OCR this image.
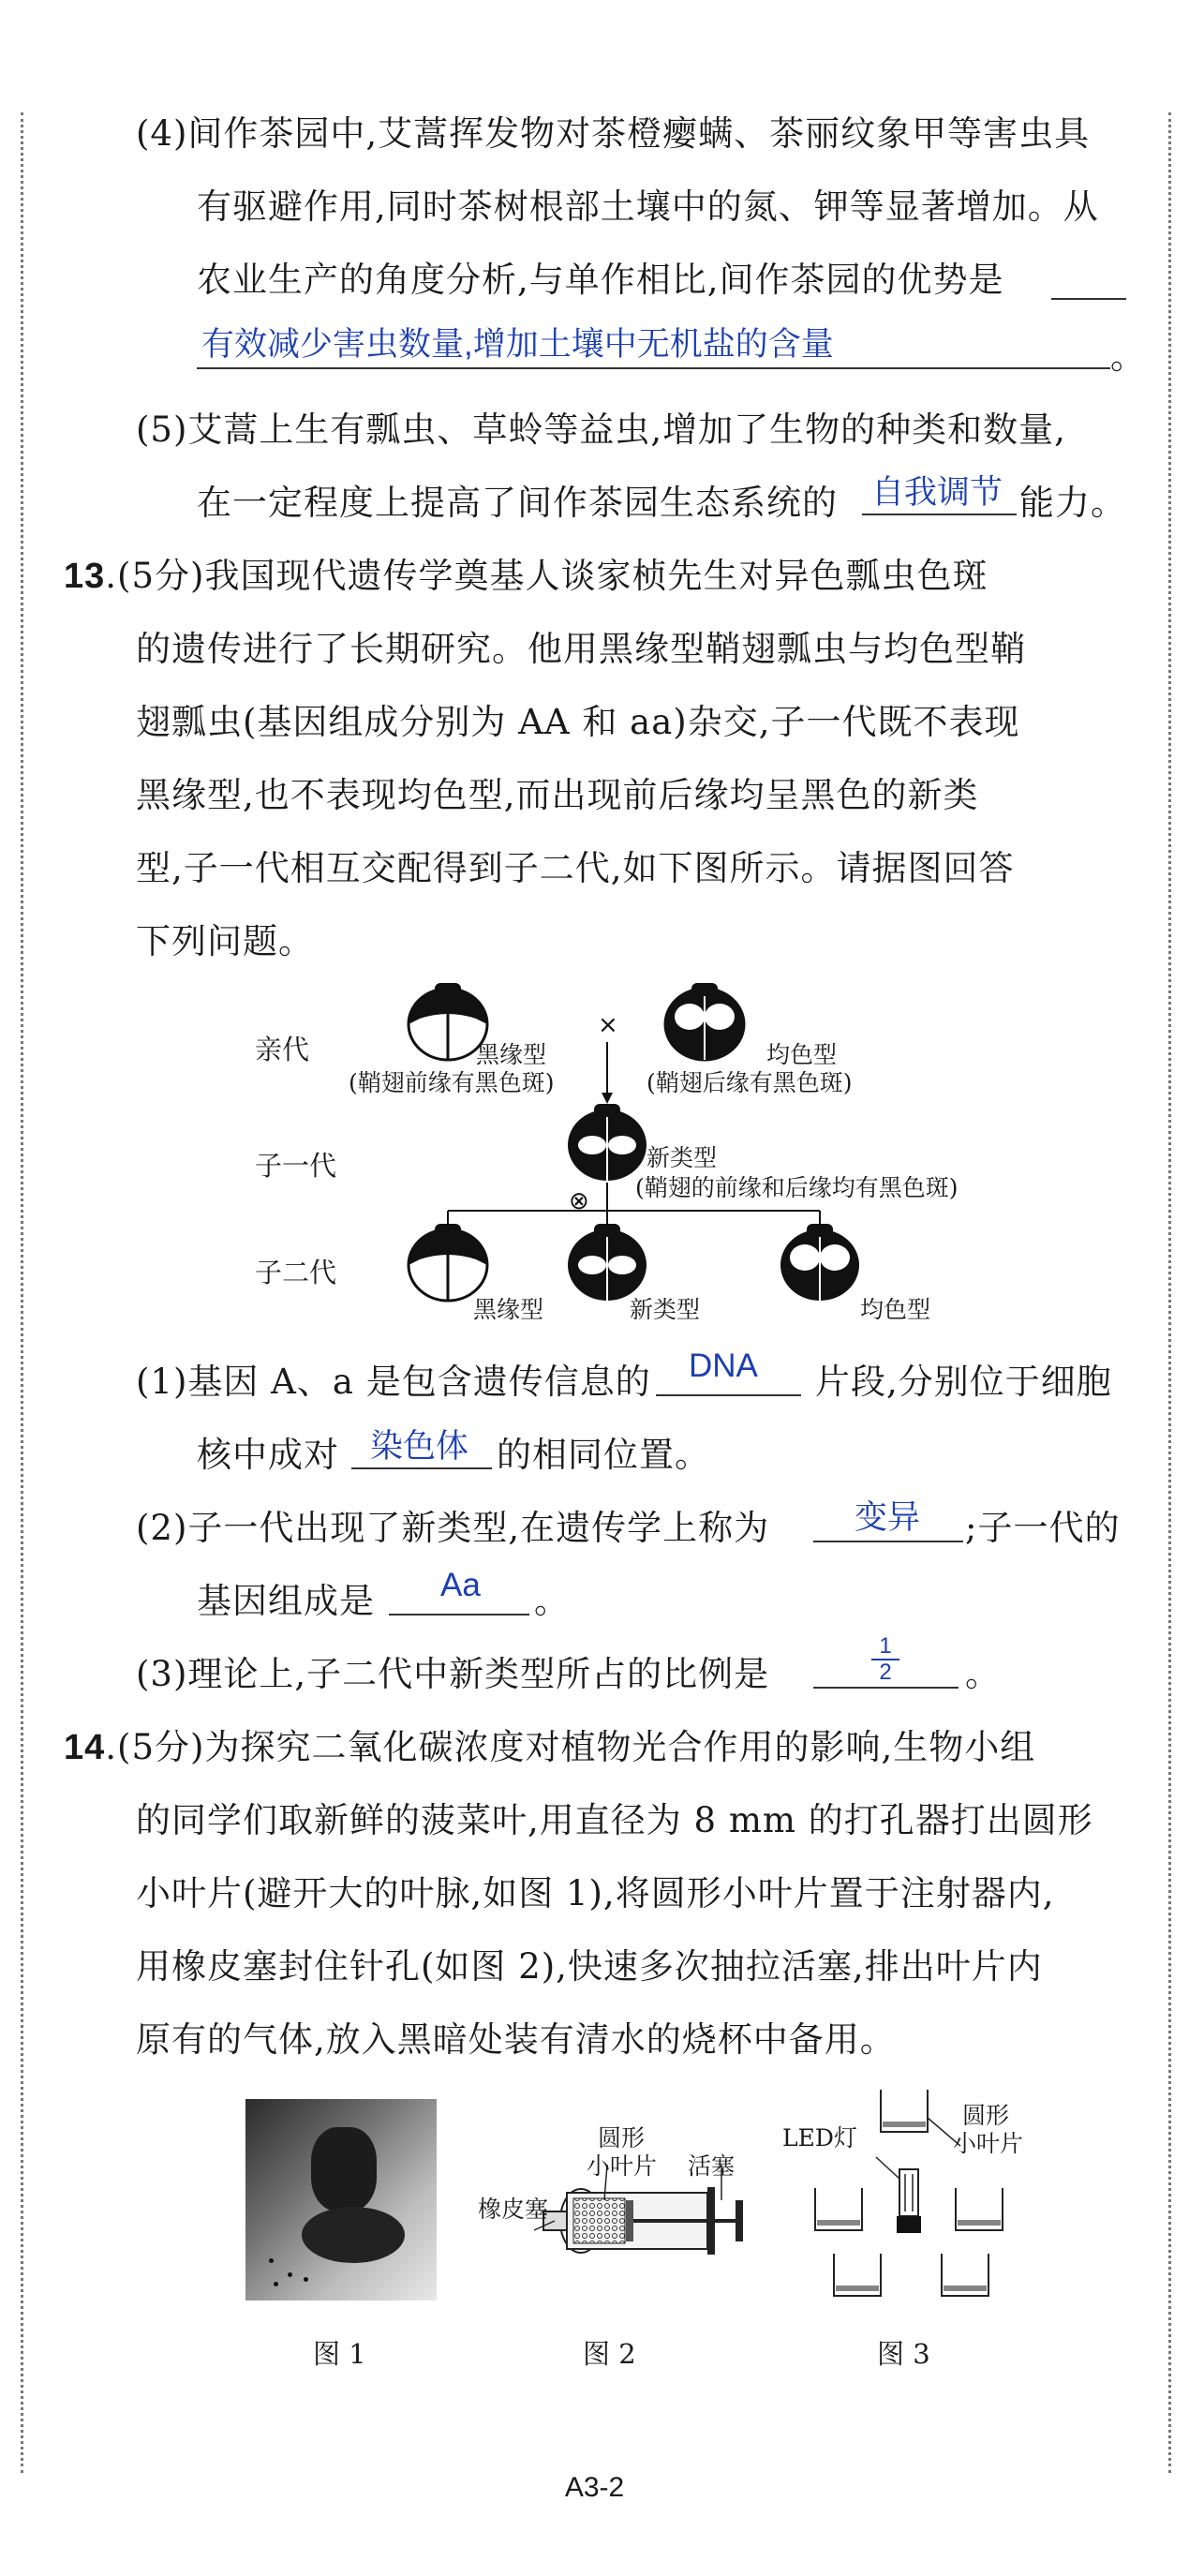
(4)间作茶园中,艾蒿挥发物对茶橙瘿螨、茶丽纹象甲等害虫具
有驱避作用,同时茶树根部土壤中的氮、钾等显著增加。从
农业生产的角度分析,与单作相比,间作茶园的优势是
有效减少害虫数量,增加土壤中无机盐的含量	。
(5)艾蒿上生有瓢虫、草蛉等益虫,增加了生物的种类和数量,
在一定程度上提高了间作茶园生态系统的 自我调节 能力。
13.(5分)我国现代遗传学奠基人谈家桢先生对异色瓢虫色斑
的遗传进行了长期研究。他用黑缘型鞘翅瓢虫与均色型鞘
翅瓢虫(基因组成分别为 AA 和 aa)杂交,子一代既不表现
黑缘型,也不表现均色型,而出现前后缘均呈黑色的新类
型,子一代相互交配得到子二代,如下图所示。请据图回答
下列问题。
亲代
子一代
子二代
×
⊗
黑缘型
(鞘翅前缘有黑色斑)
均色型
(鞘翅后缘有黑色斑)
新类型
(鞘翅的前缘和后缘均有黑色斑)
黑缘型	新类型	均色型
(1)基因 A、a 是包含遗传信息的 DNA 片段,分别位于细胞
核中成对 染色体 的相同位置。
(2)子一代出现了新类型,在遗传学上称为	变异 ;子一代的
基因组成是 Aa 。
(3)理论上,子二代中新类型所占的比例是	$\frac{1}{2}$ 。
14.(5分)为探究二氧化碳浓度对植物光合作用的影响,生物小组
的同学们取新鲜的菠菜叶,用直径为 8 mm 的打孔器打出圆形
小叶片(避开大的叶脉,如图 1),将圆形小叶片置于注射器内,
用橡皮塞封住针孔(如图 2),快速多次抽拉活塞,排出叶片内
原有的气体,放入黑暗处装有清水的烧杯中备用。
图 1
橡皮塞
圆形
小叶片 活塞
图 2
LED灯
圆形
小叶片
图 3
A3-2
